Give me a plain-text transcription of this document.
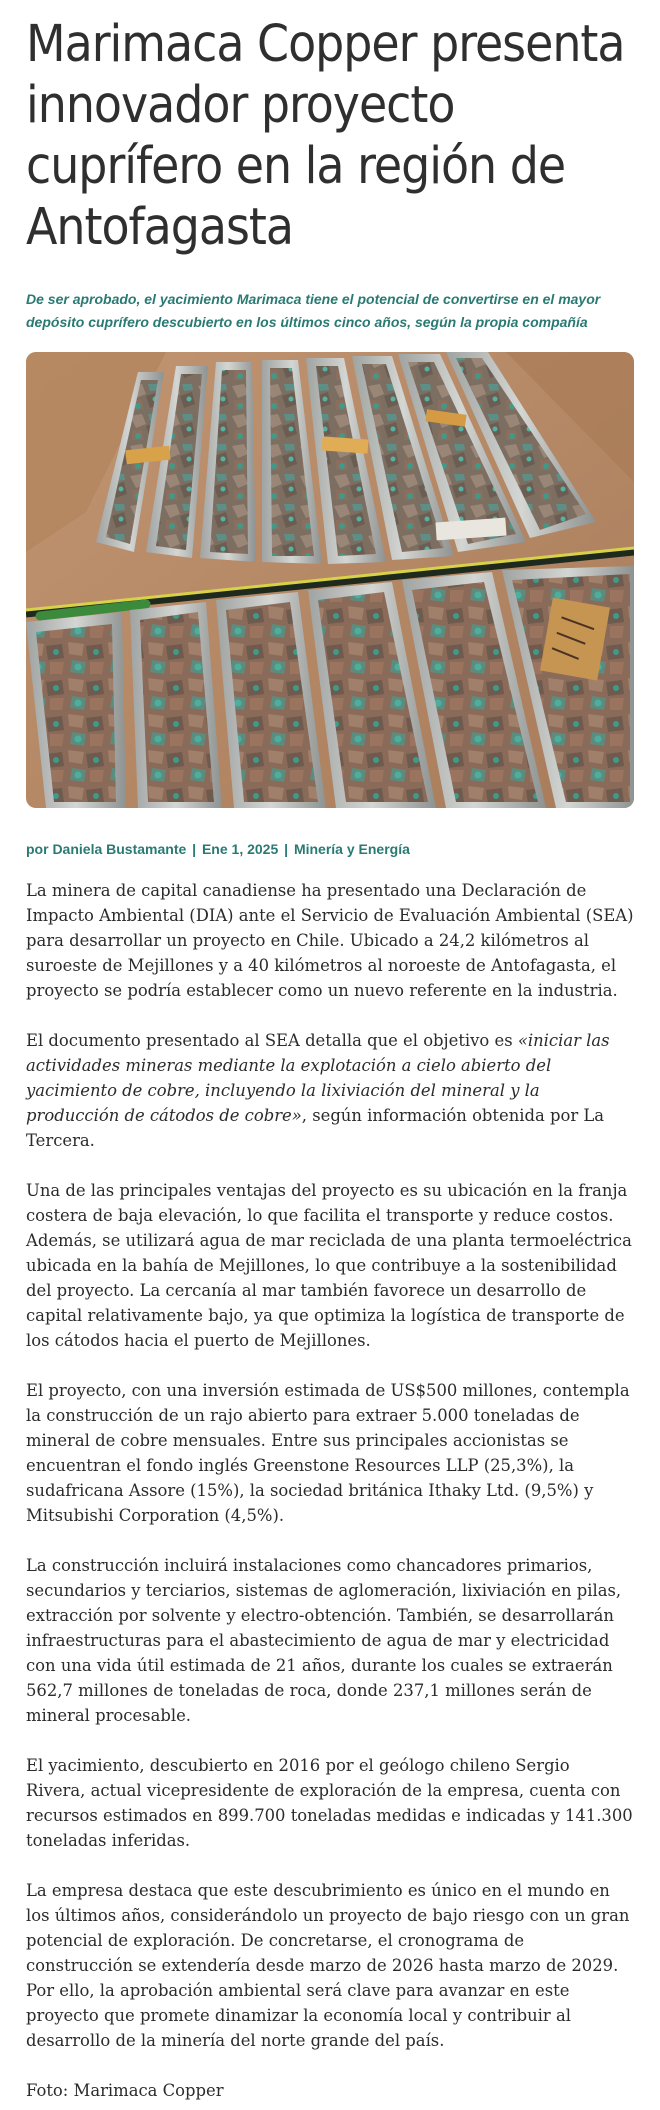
Marimaca Copper presenta innovador proyecto cuprífero en la región de Antofagasta

De ser aprobado, el yacimiento Marimaca tiene el potencial de convertirse en el mayor depósito cuprífero descubierto en los últimos cinco años, según la propia compañía

por Daniela Bustamante | Ene 1, 2025 | Minería y Energía

La minera de capital canadiense ha presentado una Declaración de Impacto Ambiental (DIA) ante el Servicio de Evaluación Ambiental (SEA) para desarrollar un proyecto en Chile. Ubicado a 24,2 kilómetros al suroeste de Mejillones y a 40 kilómetros al noroeste de Antofagasta, el proyecto se podría establecer como un nuevo referente en la industria.

El documento presentado al SEA detalla que el objetivo es «iniciar las actividades mineras mediante la explotación a cielo abierto del yacimiento de cobre, incluyendo la lixiviación del mineral y la producción de cátodos de cobre», según información obtenida por La Tercera.

Una de las principales ventajas del proyecto es su ubicación en la franja costera de baja elevación, lo que facilita el transporte y reduce costos. Además, se utilizará agua de mar reciclada de una planta termoeléctrica ubicada en la bahía de Mejillones, lo que contribuye a la sostenibilidad del proyecto. La cercanía al mar también favorece un desarrollo de capital relativamente bajo, ya que optimiza la logística de transporte de los cátodos hacia el puerto de Mejillones.

El proyecto, con una inversión estimada de US$500 millones, contempla la construcción de un rajo abierto para extraer 5.000 toneladas de mineral de cobre mensuales. Entre sus principales accionistas se encuentran el fondo inglés Greenstone Resources LLP (25,3%), la sudafricana Assore (15%), la sociedad británica Ithaky Ltd. (9,5%) y Mitsubishi Corporation (4,5%).

La construcción incluirá instalaciones como chancadores primarios, secundarios y terciarios, sistemas de aglomeración, lixiviación en pilas, extracción por solvente y electro-obtención. También, se desarrollarán infraestructuras para el abastecimiento de agua de mar y electricidad con una vida útil estimada de 21 años, durante los cuales se extraerán 562,7 millones de toneladas de roca, donde 237,1 millones serán de mineral procesable.

El yacimiento, descubierto en 2016 por el geólogo chileno Sergio Rivera, actual vicepresidente de exploración de la empresa, cuenta con recursos estimados en 899.700 toneladas medidas e indicadas y 141.300 toneladas inferidas.

La empresa destaca que este descubrimiento es único en el mundo en los últimos años, considerándolo un proyecto de bajo riesgo con un gran potencial de exploración. De concretarse, el cronograma de construcción se extendería desde marzo de 2026 hasta marzo de 2029. Por ello, la aprobación ambiental será clave para avanzar en este proyecto que promete dinamizar la economía local y contribuir al desarrollo de la minería del norte grande del país.

Foto: Marimaca Copper
